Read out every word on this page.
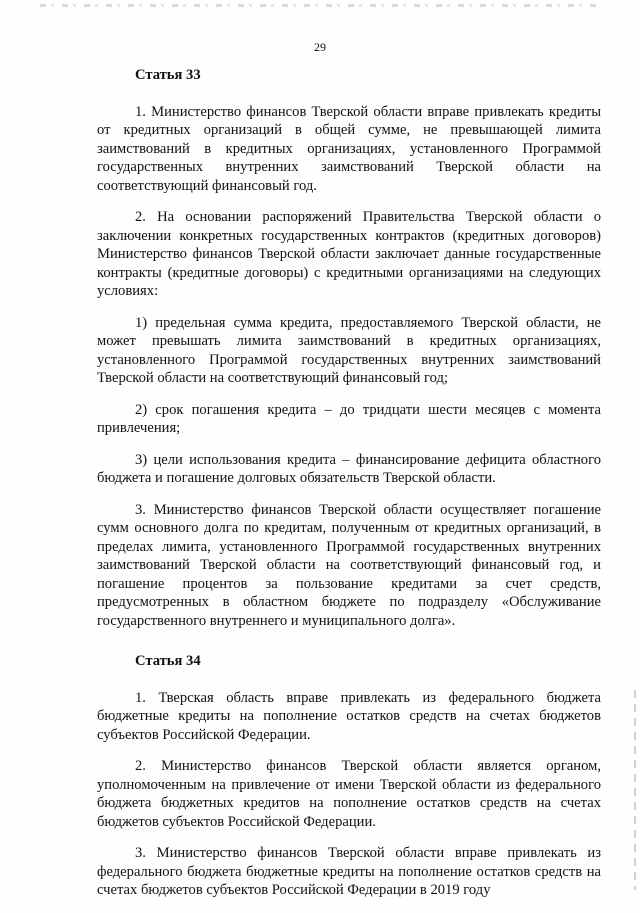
29
Статья 33

1. Министерство финансов Тверской области вправе привлекать кредиты от кредитных организаций в общей сумме, не превышающей лимита заимствований в кредитных организациях, установленного Программой государственных внутренних заимствований Тверской области на соответствующий финансовый год.

2. На основании распоряжений Правительства Тверской области о заключении конкретных государственных контрактов (кредитных договоров) Министерство финансов Тверской области заключает данные государственные контракты (кредитные договоры) с кредитными организациями на следующих условиях:

1) предельная сумма кредита, предоставляемого Тверской области, не может превышать лимита заимствований в кредитных организациях, установленного Программой государственных внутренних заимствований Тверской области на соответствующий финансовый год;

2) срок погашения кредита – до тридцати шести месяцев с момента привлечения;

3) цели использования кредита – финансирование дефицита областного бюджета и погашение долговых обязательств Тверской области.

3. Министерство финансов Тверской области осуществляет погашение сумм основного долга по кредитам, полученным от кредитных организаций, в пределах лимита, установленного Программой государственных внутренних заимствований Тверской области на соответствующий финансовый год, и погашение процентов за пользование кредитами за счет средств, предусмотренных в областном бюджете по подразделу «Обслуживание государственного внутреннего и муниципального долга».

Статья 34

1. Тверская область вправе привлекать из федерального бюджета бюджетные кредиты на пополнение остатков средств на счетах бюджетов субъектов Российской Федерации.

2. Министерство финансов Тверской области является органом, уполномоченным на привлечение от имени Тверской области из федерального бюджета бюджетных кредитов на пополнение остатков средств на счетах бюджетов субъектов Российской Федерации.

3. Министерство финансов Тверской области вправе привлекать из федерального бюджета бюджетные кредиты на пополнение остатков средств на счетах бюджетов субъектов Российской Федерации в 2019 году
